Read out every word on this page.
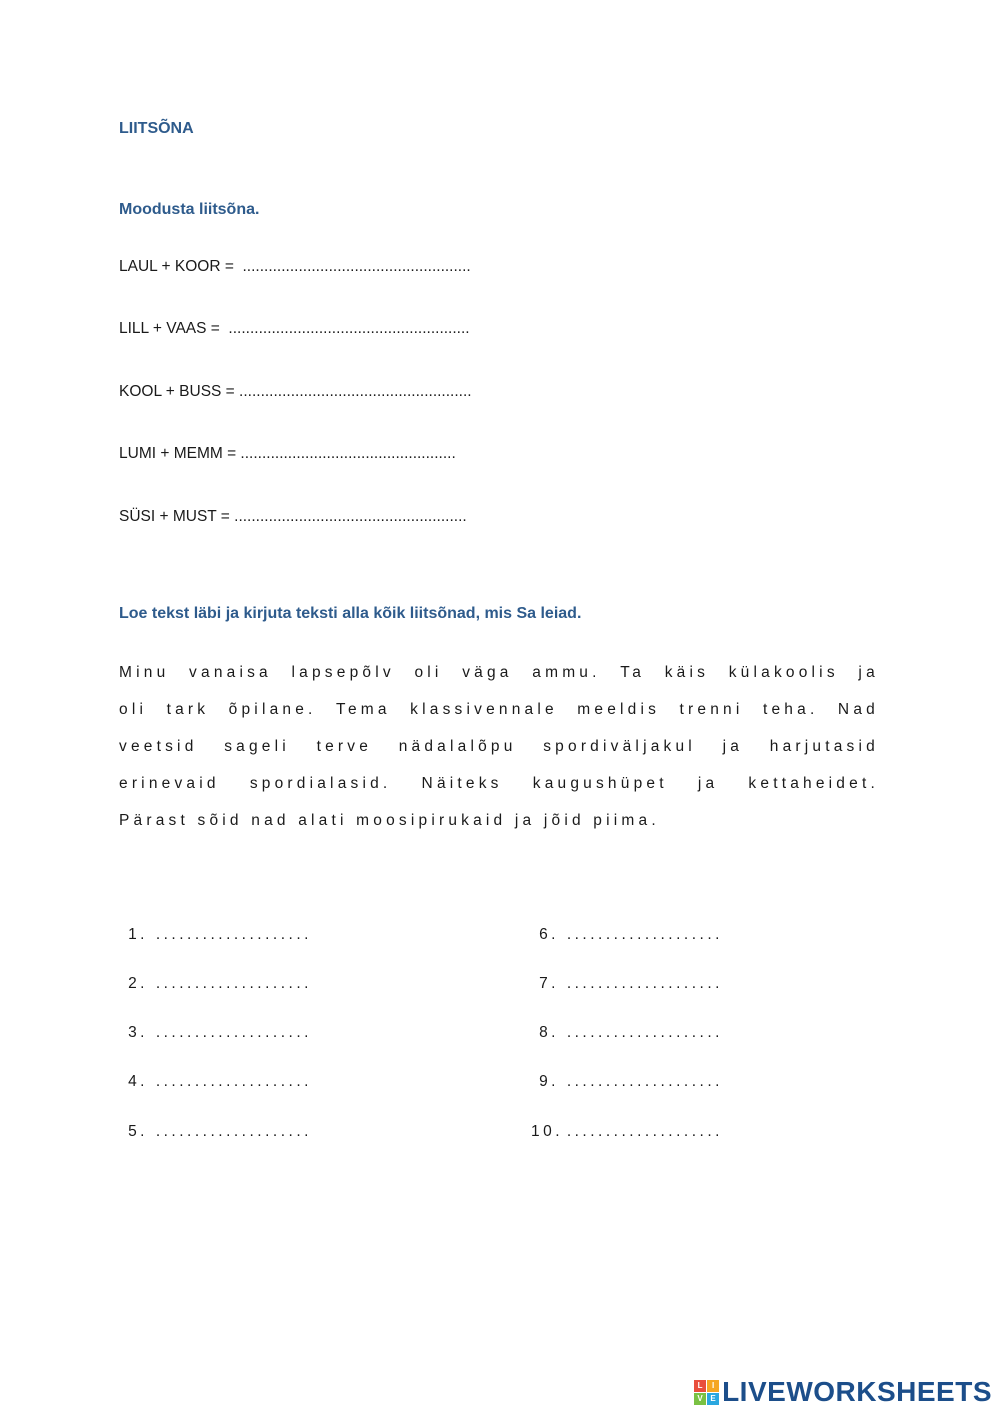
LIITSÕNA
Moodusta liitsõna.
LAUL + KOOR =  .....................................................
LILL + VAAS =  ........................................................
KOOL + BUSS = ......................................................
LUMI + MEMM = ..................................................
SÜSI + MUST = ......................................................
Loe tekst läbi ja kirjuta teksti alla kõik liitsõnad, mis Sa leiad.
Minu vanaisa lapsepõlv oli väga ammu. Ta käis külakoolis ja
oli tark õpilane. Tema klassivennale meeldis trenni teha. Nad
veetsid sageli terve nädalalõpu spordiväljakul ja harjutasid
erinevaid spordialasid. Näiteks kaugushüpet ja kettaheidet.
Pärast sõid nad alati moosipirukaid ja jõid piima.
1. ....................
2. ....................
3. ....................
4. ....................
5. ....................
6. ....................
7. ....................
8. ....................
9. ....................
10. ....................
L	I
V E LIVEWORKSHEETS
